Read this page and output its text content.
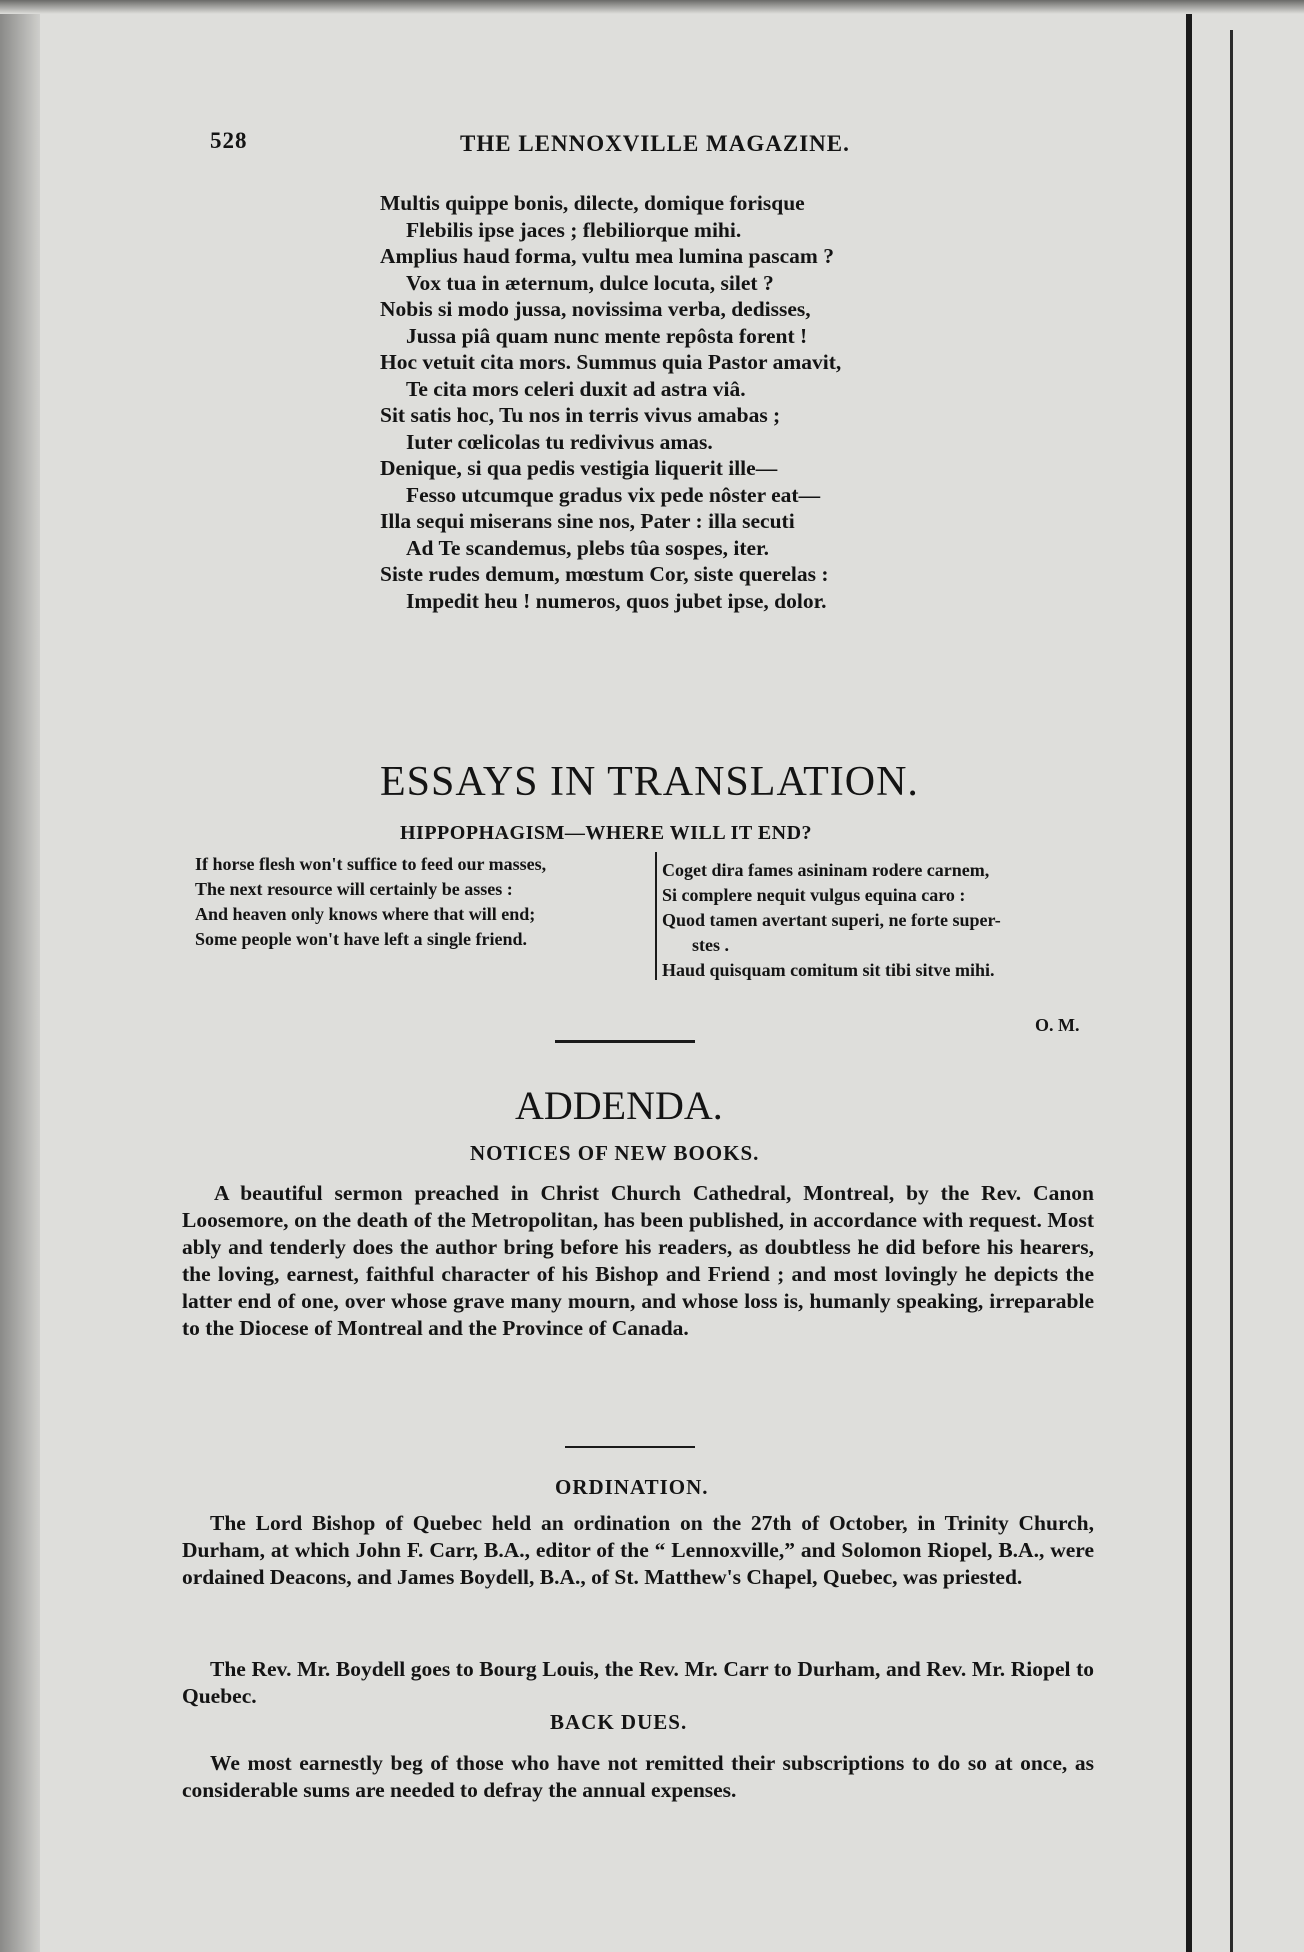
528	THE LENNOXVILLE MAGAZINE.
Multis quippe bonis, dilecte, domique forisque
Flebilis ipse jaces ; flebiliorque mihi.
Amplius haud forma, vultu mea lumina pascam ?
Vox tua in æternum, dulce locuta, silet ?
Nobis si modo jussa, novissima verba, dedisses,
Jussa piâ quam nunc mente repôsta forent !
Hoc vetuit cita mors. Summus quia Pastor amavit,
Te cita mors celeri duxit ad astra viâ.
Sit satis hoc, Tu nos in terris vivus amabas ;
Iuter cœlicolas tu redivivus amas.
Denique, si qua pedis vestigia liquerit ille—
Fesso utcumque gradus vix pede nôster eat—
Illa sequi miserans sine nos, Pater : illa secuti
Ad Te scandemus, plebs tûa sospes, iter.
Siste rudes demum, mœstum Cor, siste querelas :
Impedit heu ! numeros, quos jubet ipse, dolor.
ESSAYS IN TRANSLATION.
HIPPOPHAGISM—WHERE WILL IT END?
If horse flesh won't suffice to feed our masses,
The next resource will certainly be asses :
And heaven only knows where that will end;
Some people won't have left a single friend.
Coget dira fames asininam rodere carnem,
Si complere nequit vulgus equina caro :
Quod tamen avertant superi, ne forte super-
stes .
Haud quisquam comitum sit tibi sitve mihi.
O. M.
ADDENDA.
NOTICES OF NEW BOOKS.
A beautiful sermon preached in Christ Church Cathedral, Montreal, by the Rev. Canon Loosemore, on the death of the Metropolitan, has been published, in accordance with request. Most ably and tenderly does the author bring before his readers, as doubtless he did before his hearers, the loving, earnest, faithful character of his Bishop and Friend ; and most lovingly he depicts the latter end of one, over whose grave many mourn, and whose loss is, humanly speaking, irreparable to the Diocese of Montreal and the Province of Canada.
ORDINATION.
The Lord Bishop of Quebec held an ordination on the 27th of October, in Trinity Church, Durham, at which John F. Carr, B.A., editor of the “ Lennoxville,” and Solomon Riopel, B.A., were ordained Deacons, and James Boydell, B.A., of St. Matthew's Chapel, Quebec, was priested.
The Rev. Mr. Boydell goes to Bourg Louis, the Rev. Mr. Carr to Durham, and Rev. Mr. Riopel to Quebec.
BACK DUES.
We most earnestly beg of those who have not remitted their subscriptions to do so at once, as considerable sums are needed to defray the annual expenses.
